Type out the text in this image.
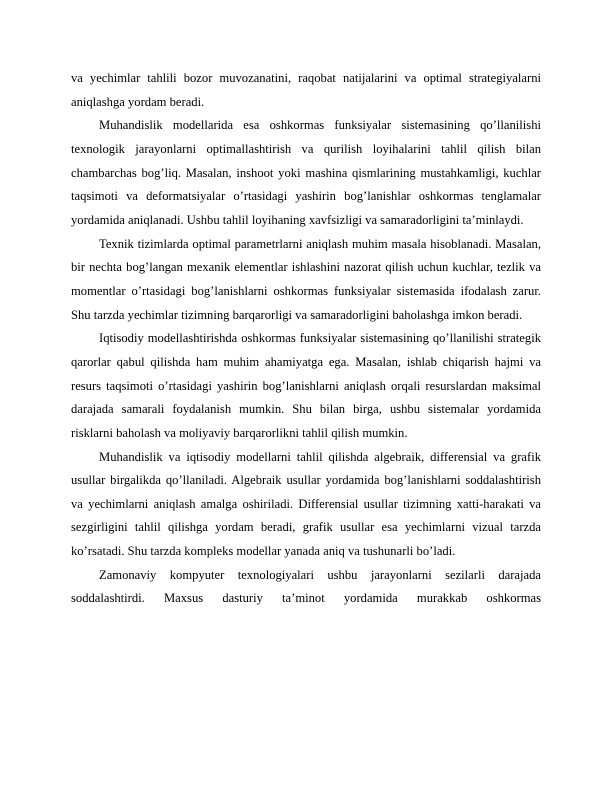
va yechimlar tahlili bozor muvozanatini, raqobat natijalarini va optimal strategiyalarni aniqlashga yordam beradi.

Muhandislik modellarida esa oshkormas funksiyalar sistemasining qo’llanilishi texnologik jarayonlarni optimallashtirish va qurilish loyihalarini tahlil qilish bilan chambarchas bog’liq. Masalan, inshoot yoki mashina qismlarining mustahkamligi, kuchlar taqsimoti va deformatsiyalar o’rtasidagi yashirin bog’lanishlar oshkormas tenglamalar yordamida aniqlanadi. Ushbu tahlil loyihaning xavfsizligi va samaradorligini ta’minlaydi.

Texnik tizimlarda optimal parametrlarni aniqlash muhim masala hisoblanadi. Masalan, bir nechta bog’langan mexanik elementlar ishlashini nazorat qilish uchun kuchlar, tezlik va momentlar o’rtasidagi bog’lanishlarni oshkormas funksiyalar sistemasida ifodalash zarur. Shu tarzda yechimlar tizimning barqarorligi va samaradorligini baholashga imkon beradi.

Iqtisodiy modellashtirishda oshkormas funksiyalar sistemasining qo’llanilishi strategik qarorlar qabul qilishda ham muhim ahamiyatga ega. Masalan, ishlab chiqarish hajmi va resurs taqsimoti o’rtasidagi yashirin bog’lanishlarni aniqlash orqali resurslardan maksimal darajada samarali foydalanish mumkin. Shu bilan birga, ushbu sistemalar yordamida risklarni baholash va moliyaviy barqarorlikni tahlil qilish mumkin.

Muhandislik va iqtisodiy modellarni tahlil qilishda algebraik, differensial va grafik usullar birgalikda qo’llaniladi. Algebraik usullar yordamida bog’lanishlarni soddalashtirish va yechimlarni aniqlash amalga oshiriladi. Differensial usullar tizimning xatti-harakati va sezgirligini tahlil qilishga yordam beradi, grafik usullar esa yechimlarni vizual tarzda ko’rsatadi. Shu tarzda kompleks modellar yanada aniq va tushunarli bo’ladi.

Zamonaviy kompyuter texnologiyalari ushbu jarayonlarni sezilarli darajada soddalashtirdi. Maxsus dasturiy ta’minot yordamida murakkab oshkormas
